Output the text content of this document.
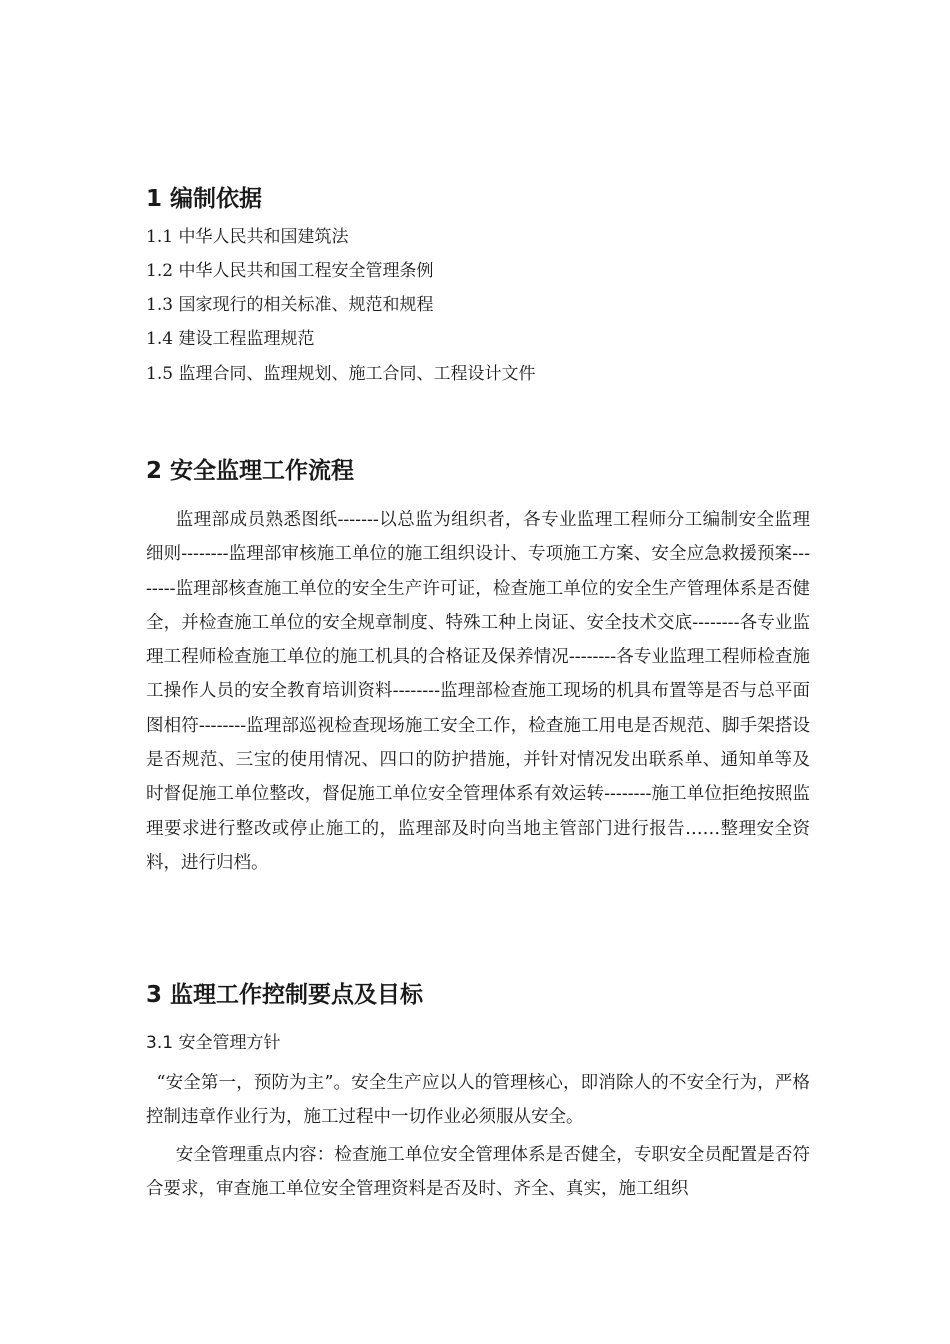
1 编制依据
1.1 中华人民共和国建筑法
1.2 中华人民共和国工程安全管理条例
1.3 国家现行的相关标准、规范和规程
1.4 建设工程监理规范
1.5 监理合同、监理规划、施工合同、工程设计文件
2 安全监理工作流程

监理部成员熟悉图纸-------以总监为组织者，各专业监理工程师分工编制安全监理细则--------监理部审核施工单位的施工组织设计、专项施工方案、安全应急救援预案--------监理部核查施工单位的安全生产许可证，检查施工单位的安全生产管理体系是否健全，并检查施工单位的安全规章制度、特殊工种上岗证、安全技术交底--------各专业监理工程师检查施工单位的施工机具的合格证及保养情况--------各专业监理工程师检查施工操作人员的安全教育培训资料--------监理部检查施工现场的机具布置等是否与总平面图相符--------监理部巡视检查现场施工安全工作，检查施工用电是否规范、脚手架搭设是否规范、三宝的使用情况、四口的防护措施，并针对情况发出联系单、通知单等及时督促施工单位整改，督促施工单位安全管理体系有效运转--------施工单位拒绝按照监理要求进行整改或停止施工的，监理部及时向当地主管部门进行报告……整理安全资料，进行归档。

3 监理工作控制要点及目标
3.1 安全管理方针

“安全第一，预防为主”。安全生产应以人的管理核心，即消除人的不安全行为，严格控制违章作业行为，施工过程中一切作业必须服从安全。

安全管理重点内容：检查施工单位安全管理体系是否健全，专职安全员配置是否符合要求，审查施工单位安全管理资料是否及时、齐全、真实，施工组织
